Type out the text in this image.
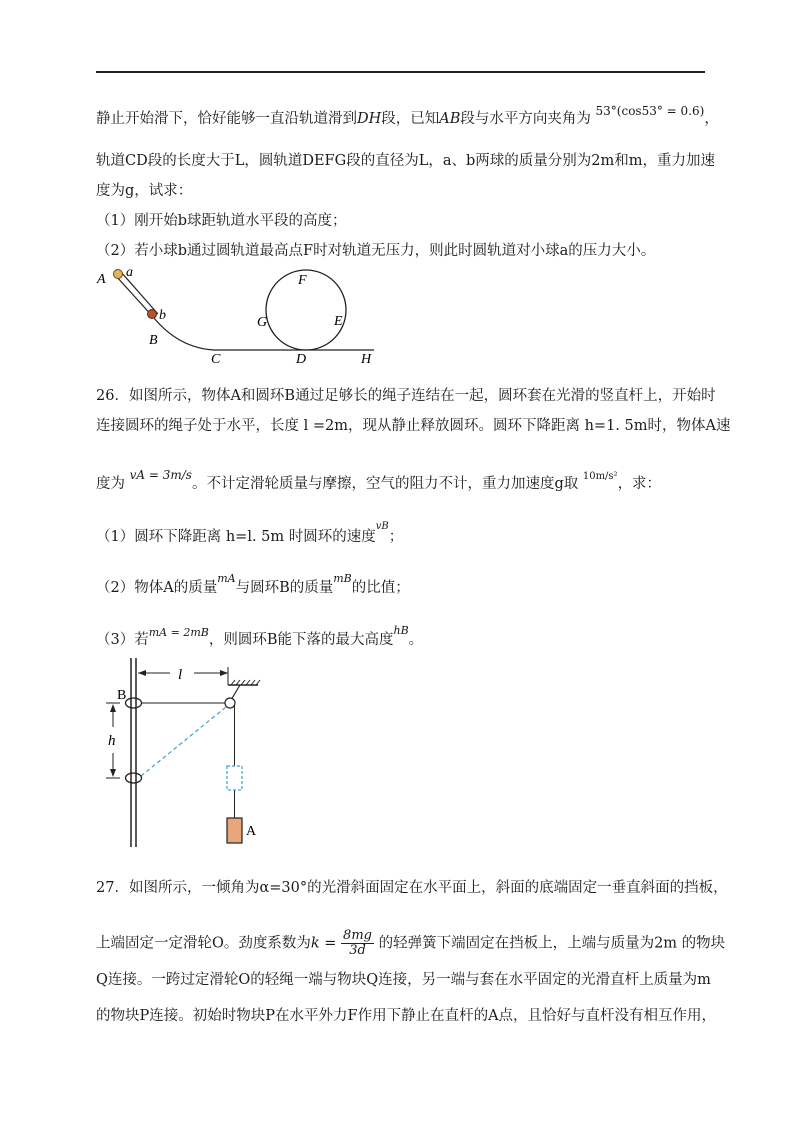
静止开始滑下，恰好能够一直沿轨道滑到DH段，已知AB段与水平方向夹角为 $^{53^\circ(cos53^\circ = 0.6)}$，
轨道CD段的长度大于L，圆轨道DEFG段的直径为L，a、b两球的质量分别为2m和m，重力加速
度为g，试求：
（1）刚开始b球距轨道水平段的高度；
（2）若小球b通过圆轨道最高点F时对轨道无压力，则此时圆轨道对小球a的压力大小。
A a
b
B
C	D	H
F
G	E
26．如图所示，物体A和圆环B通过足够长的绳子连结在一起，圆环套在光滑的竖直杆上，开始时
连接圆环的绳子处于水平，长度 l =2m，现从静止释放圆环。圆环下降距离 h=1. 5m时，物体A速
度为 $^{vA = 3m/s}$。不计定滑轮质量与摩擦，空气的阻力不计，重力加速度g取 $^{10m/s^2}$，求：
（1）圆环下降距离 h=l. 5m 时圆环的速度$^{vB}$；
（2）物体A的质量$^{mA}$与圆环B的质量$^{mB}$的比值；
（3）若$^{mA = 2mB}$，则圆环B能下落的最大高度$^{hB}$。
l
B
h
A
27．如图所示，一倾角为α=30°的光滑斜面固定在水平面上，斜面的底端固定一垂直斜面的挡板，
上端固定一定滑轮O。劲度系数为$k = \frac{8mg}{3d}$ 的轻弹簧下端固定在挡板上，上端与质量为2m 的物块
Q连接。一跨过定滑轮O的轻绳一端与物块Q连接，另一端与套在水平固定的光滑直杆上质量为m
的物块P连接。初始时物块P在水平外力F作用下静止在直杆的A点，且恰好与直杆没有相互作用，
